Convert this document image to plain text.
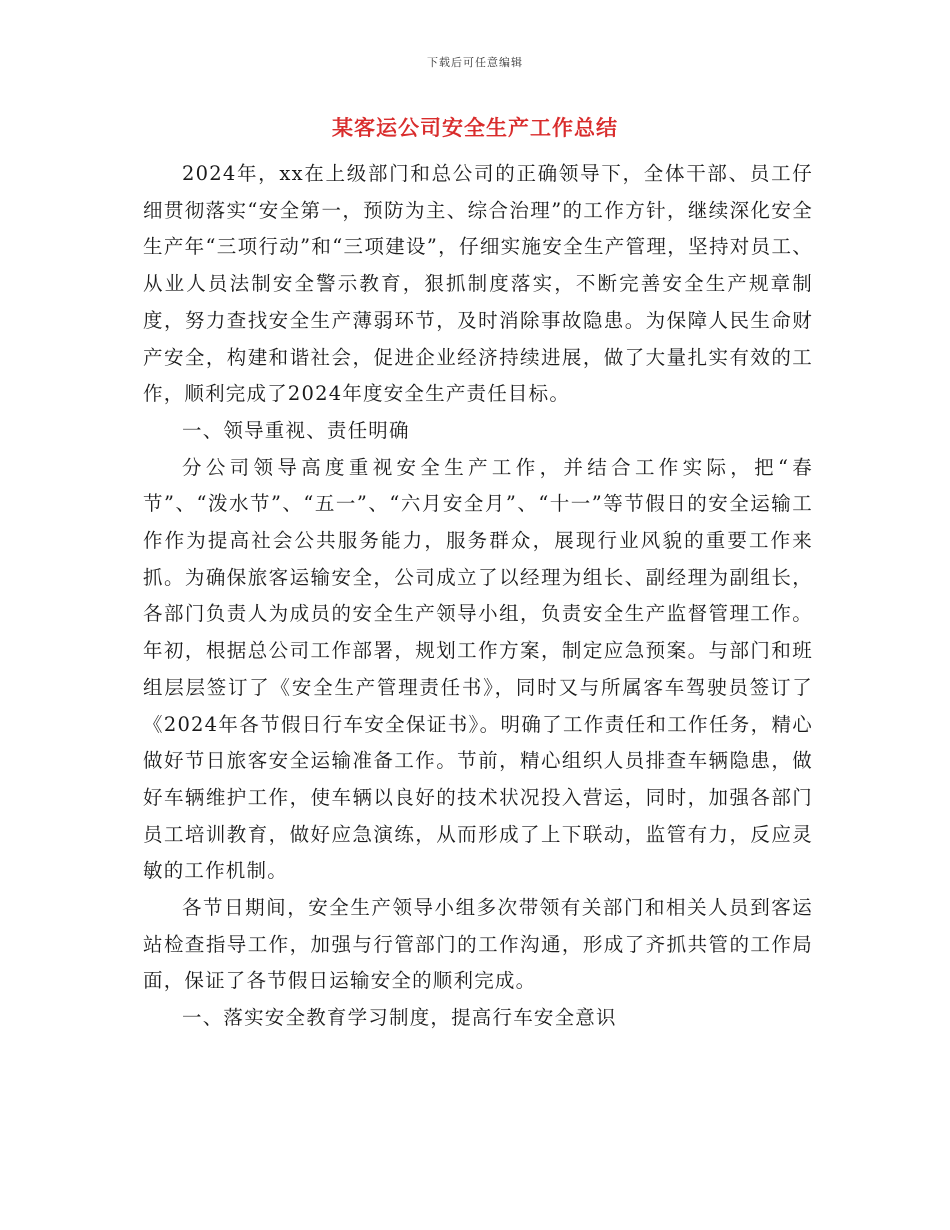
下载后可任意编辑
某客运公司安全生产工作总结

2024年，xx在上级部门和总公司的正确领导下，全体干部、员工仔细贯彻落实“安全第一，预防为主、综合治理”的工作方针，继续深化安全生产年“三项行动”和“三项建设”，仔细实施安全生产管理，坚持对员工、从业人员法制安全警示教育，狠抓制度落实，不断完善安全生产规章制度，努力查找安全生产薄弱环节，及时消除事故隐患。为保障人民生命财产安全，构建和谐社会，促进企业经济持续进展，做了大量扎实有效的工作，顺利完成了2024年度安全生产责任目标。

一、领导重视、责任明确

分公司领导高度重视安全生产工作，并结合工作实际，把“春节”、“泼水节”、“五一”、“六月安全月”、“十一”等节假日的安全运输工作作为提高社会公共服务能力，服务群众，展现行业风貌的重要工作来抓。为确保旅客运输安全，公司成立了以经理为组长、副经理为副组长，各部门负责人为成员的安全生产领导小组，负责安全生产监督管理工作。年初，根据总公司工作部署，规划工作方案，制定应急预案。与部门和班组层层签订了《安全生产管理责任书》，同时又与所属客车驾驶员签订了《2024年各节假日行车安全保证书》。明确了工作责任和工作任务，精心做好节日旅客安全运输准备工作。节前，精心组织人员排查车辆隐患，做好车辆维护工作，使车辆以良好的技术状况投入营运，同时，加强各部门员工培训教育，做好应急演练，从而形成了上下联动，监管有力，反应灵敏的工作机制。

各节日期间，安全生产领导小组多次带领有关部门和相关人员到客运站检查指导工作，加强与行管部门的工作沟通，形成了齐抓共管的工作局面，保证了各节假日运输安全的顺利完成。

一、落实安全教育学习制度，提高行车安全意识
